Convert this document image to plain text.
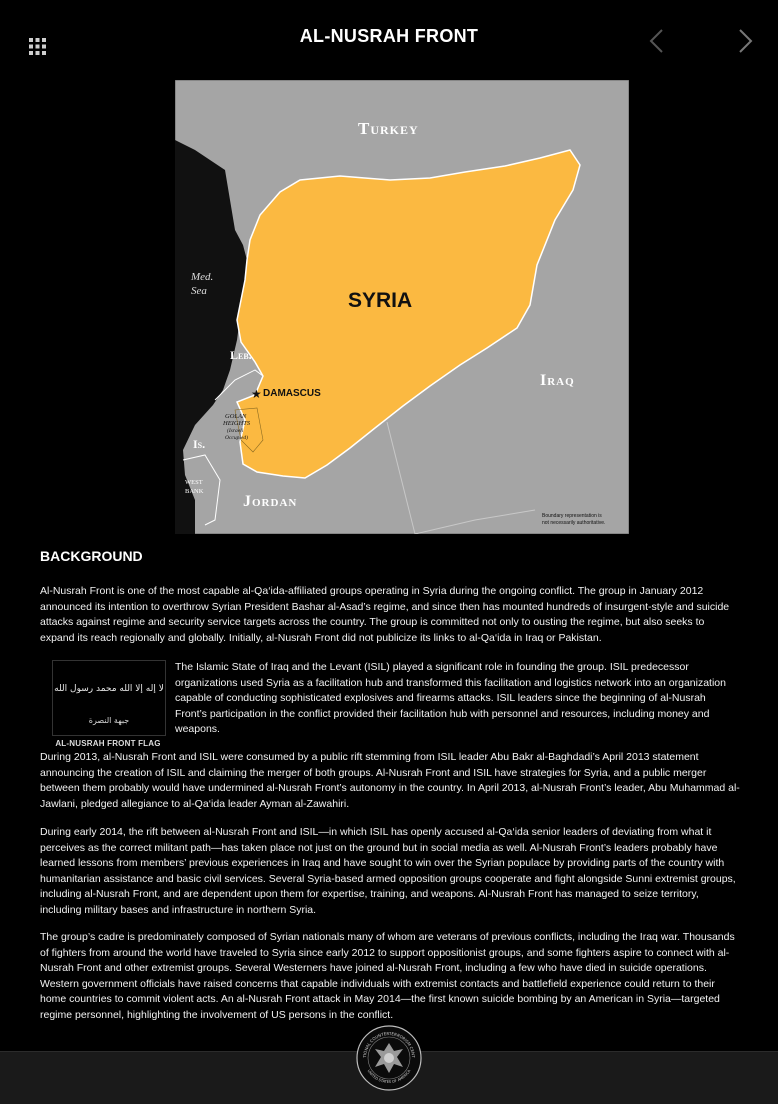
AL-NUSRAH FRONT
Turkey
SYRIA
Med.
Sea
Leb.
Is.
★ DAMASCUS
GOLAN
HEIGHTS
(Israeli
Occupied)
WEST
BANK
Jordan
Iraq
Boundary representation is
not necessarily authoritative.
BACKGROUND

Al-Nusrah Front is one of the most capable al-Qa‘ida-affiliated groups operating in Syria during the ongoing conflict. The group in January 2012 announced its intention to overthrow Syrian President Bashar al-Asad’s regime, and since then has mounted hundreds of insurgent-style and suicide attacks against regime and security service targets across the country. The group is committed not only to ousting the regime, but also seeks to expand its reach regionally and globally. Initially, al-Nusrah Front did not publicize its links to al-Qa‘ida in Iraq or Pakistan.

لا إله إلا الله محمد رسول الله
جبهة النصرة
AL-NUSRAH FRONT FLAG

The Islamic State of Iraq and the Levant (ISIL) played a significant role in founding the group. ISIL predecessor organizations used Syria as a facilitation hub and transformed this facilitation and logistics network into an organization capable of conducting sophisticated explosives and firearms attacks. ISIL leaders since the beginning of al-Nusrah Front’s participation in the conflict provided their facilitation hub with personnel and resources, including money and weapons.

During 2013, al-Nusrah Front and ISIL were consumed by a public rift stemming from ISIL leader Abu Bakr al-Baghdadi’s April 2013 statement announcing the creation of ISIL and claiming the merger of both groups. Al-Nusrah Front and ISIL have strategies for Syria, and a public merger between them probably would have undermined al-Nusrah Front’s autonomy in the country. In April 2013, al-Nusrah Front’s leader, Abu Muhammad al-Jawlani, pledged allegiance to al-Qa‘ida leader Ayman al-Zawahiri.

During early 2014, the rift between al-Nusrah Front and ISIL—in which ISIL has openly accused al-Qa‘ida senior leaders of deviating from what it perceives as the correct militant path—has taken place not just on the ground but in social media as well. Al-Nusrah Front’s leaders probably have learned lessons from members’ previous experiences in Iraq and have sought to win over the Syrian populace by providing parts of the country with humanitarian assistance and basic civil services. Several Syria-based armed opposition groups cooperate and fight alongside Sunni extremist groups, including al-Nusrah Front, and are dependent upon them for expertise, training, and weapons. Al-Nusrah Front has managed to seize territory, including military bases and infrastructure in northern Syria.

The group’s cadre is predominately composed of Syrian nationals many of whom are veterans of previous conflicts, including the Iraq war. Thousands of fighters from around the world have traveled to Syria since early 2012 to support oppositionist groups, and some fighters aspire to connect with al-Nusrah Front and other extremist groups. Several Westerners have joined al-Nusrah Front, including a few who have died in suicide operations. Western government officials have raised concerns that capable individuals with extremist contacts and battlefield experience could return to their home countries to commit violent acts. An al-Nusrah Front attack in May 2014—the first known suicide bombing by an American in Syria—targeted regime personnel, highlighting the involvement of US persons in the conflict.

TIONAL COUNTERTERRORISM CENT
UNITED STATES OF AMERICA
